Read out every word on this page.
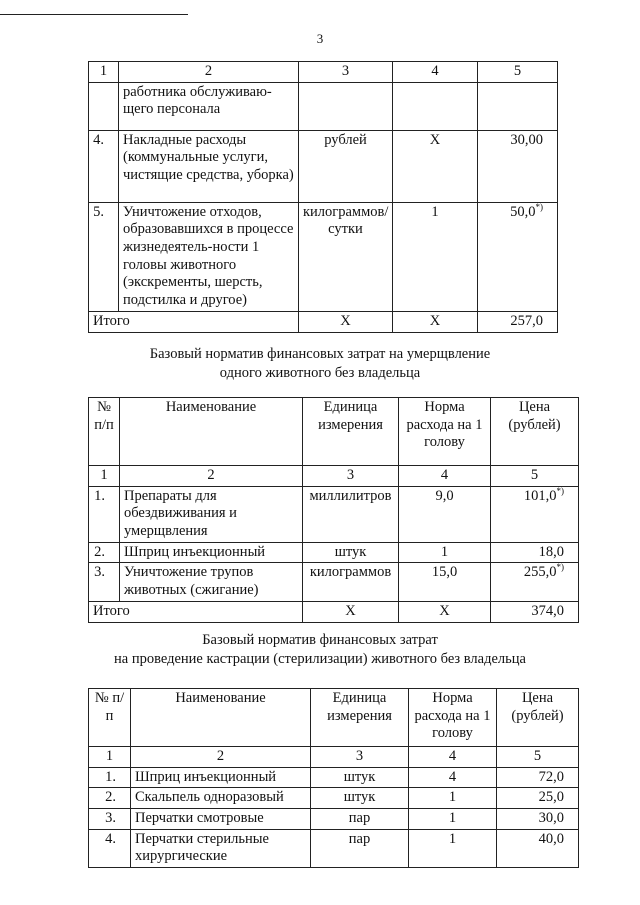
3
1	2	3	4	5
	работника обслуживаю-щего персонала			
4.	Накладные расходы (коммунальные услуги, чистящие средства, уборка)	рублей	Х	30,00
5.	Уничтожение отходов, образовавшихся в процессе жизнедеятель-ности 1 головы животного (экскременты, шерсть, подстилка и другое)	килограммов/ сутки	1	50,0*)
Итого		Х	Х	257,0
Базовый норматив финансовых затрат на умерщвление
одного животного без владельца
№ п/п	Наименование	Единица измерения	Норма расхода на 1 голову	Цена (рублей)
1	2	3	4	5
1.	Препараты для обездвиживания и умерщвления	миллилитров	9,0	101,0*)
2.	Шприц инъекционный	штук	1	18,0
3.	Уничтожение трупов животных (сжигание)	килограммов	15,0	255,0*)
Итого		Х	Х	374,0
Базовый норматив финансовых затрат
на проведение кастрации (стерилизации) животного без владельца
№ п/п	Наименование	Единица измерения	Норма расхода на 1 голову	Цена (рублей)
1	2	3	4	5
1.	Шприц инъекционный	штук	4	72,0
2.	Скальпель одноразовый	штук	1	25,0
3.	Перчатки смотровые	пар	1	30,0
4.	Перчатки стерильные хирургические	пар	1	40,0
